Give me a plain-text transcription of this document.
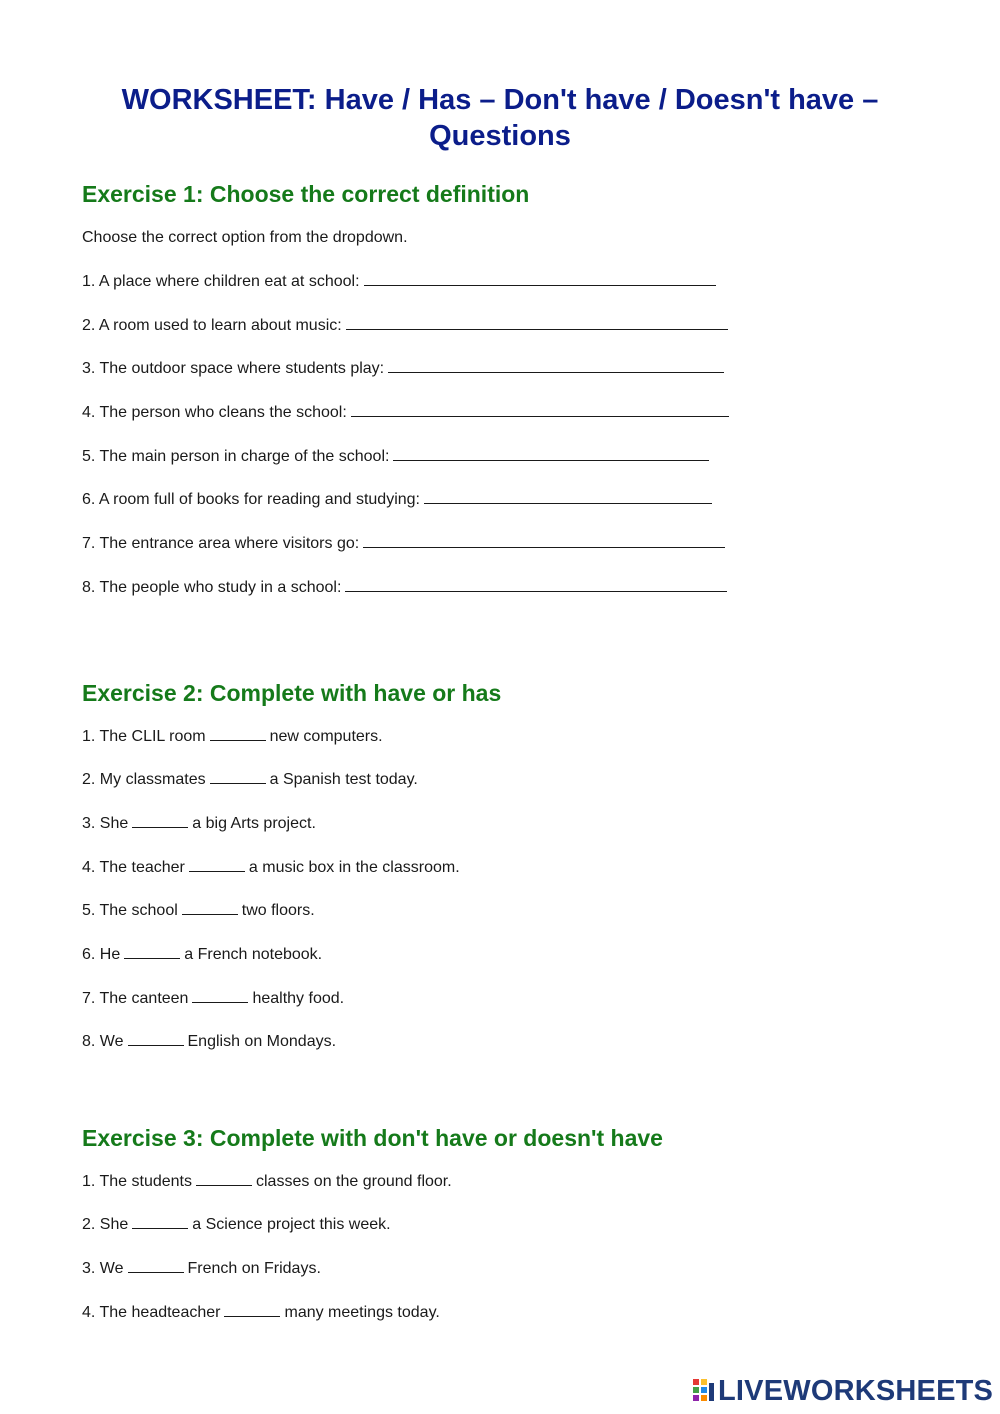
WORKSHEET: Have / Has – Don't have / Doesn't have – Questions
Exercise 1: Choose the correct definition
Choose the correct option from the dropdown.
1. A place where children eat at school:
2. A room used to learn about music:
3. The outdoor space where students play:
4. The person who cleans the school:
5. The main person in charge of the school:
6. A room full of books for reading and studying:
7. The entrance area where visitors go:
8. The people who study in a school:
Exercise 2: Complete with have or has
1. The CLIL room	new computers.
2. My classmates	a Spanish test today.
3. She	a big Arts project.
4. The teacher	a music box in the classroom.
5. The school	two floors.
6. He	a French notebook.
7. The canteen	healthy food.
8. We	English on Mondays.
Exercise 3: Complete with don't have or doesn't have
1. The students	classes on the ground floor.
2. She	a Science project this week.
3. We	French on Fridays.
4. The headteacher	many meetings today.
LIVEWORKSHEETS
